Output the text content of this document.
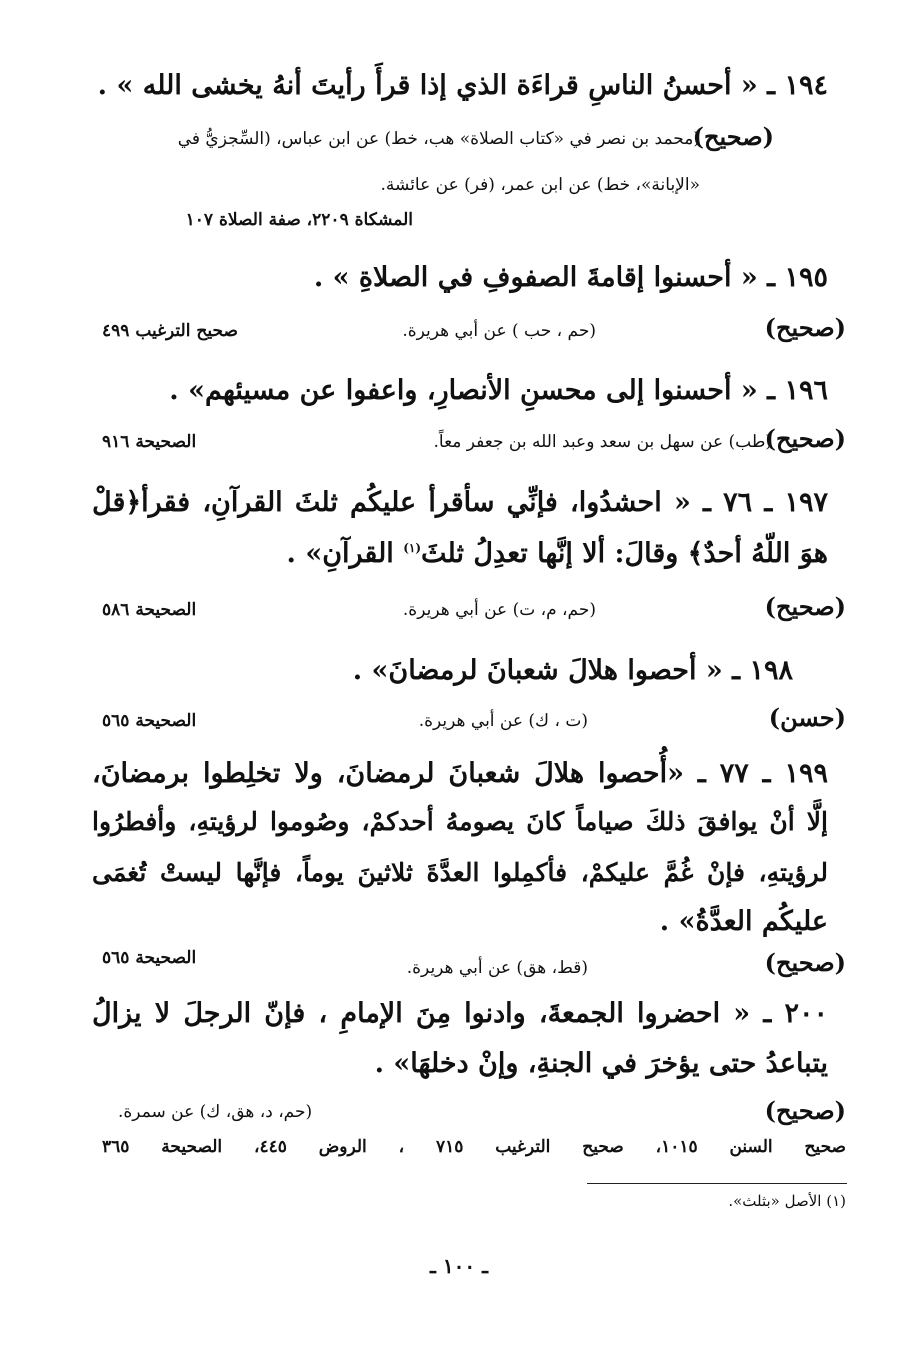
١٩٤ ـ « أحسنُ الناسِ قراءَة الذي إذا قرأَ رأيتَ أنهُ يخشى الله » .
( صحيح )
(محمد بن نصر في «كتاب الصلاة» هب، خط) عن ابن عباس، (السِّجزيُّ في
«الإبانة»، خط) عن ابن عمر، (فر) عن عائشة.
المشكاة ٢٢٠٩، صفة الصلاة ١٠٧
١٩٥ ـ « أحسنوا إقامةَ الصفوفِ في الصلاةِ » .
( صحيح )
(حم ، حب ) عن أبي هريرة.
صحيح الترغيب ٤٩٩
١٩٦ ـ « أحسنوا إلى محسنِ الأنصارِ، واعفوا عن مسيئهم» .
( صحيح )
(طب) عن سهل بن سعد وعبد الله بن جعفر معاً.
الصحيحة ٩١٦
١٩٧ ـ ٧٦ ـ « احشدُوا، فإنِّي سأقرأ عليكُم ثلثَ القرآنِ، فقرأ﴿قلْ
هوَ اللّهُ أحدٌ﴾ وقالَ: ألا إنَّها تعدِلُ ثلثَ$^{(١)}$ القرآنِ» .
( صحيح )
(حم، م، ت) عن أبي هريرة.
الصحيحة ٥٨٦
١٩٨ ـ « أحصوا هلالَ شعبانَ لرمضانَ» .
( حسن )
(ت ، ك) عن أبي هريرة.
الصحيحة ٥٦٥
١٩٩ ـ ٧٧ ـ «أُحصوا هلالَ شعبانَ لرمضانَ، ولا تخلِطوا برمضانَ،
إلَّا أنْ يوافقَ ذلكَ صياماً كانَ يصومهُ أحدكمْ، وصُوموا لرؤيتهِ، وأفطرُوا
لرؤيتهِ، فإنْ غُمَّ عليكمْ، فأكمِلوا العدَّةَ ثلاثينَ يوماً، فإنَّها ليستْ تُغمَى
عليكُم العدَّةُ» .
( صحيح )
(قط، هق) عن أبي هريرة.
الصحيحة ٥٦٥
٢٠٠ ـ « احضروا الجمعةَ، وادنوا مِنَ الإمامِ ، فإنّ الرجلَ لا يزالُ
يتباعدُ حتى يؤخرَ في الجنةِ، وإنْ دخلهَا» .
( صحيح )
(حم، د، هق، ك) عن سمرة.
صحيح السنن ١٠١٥، صحيح الترغيب ٧١٥ ، الروض ٤٤٥، الصحيحة ٣٦٥
(١) الأصل «بثلث».
ـ ١٠٠ ـ
